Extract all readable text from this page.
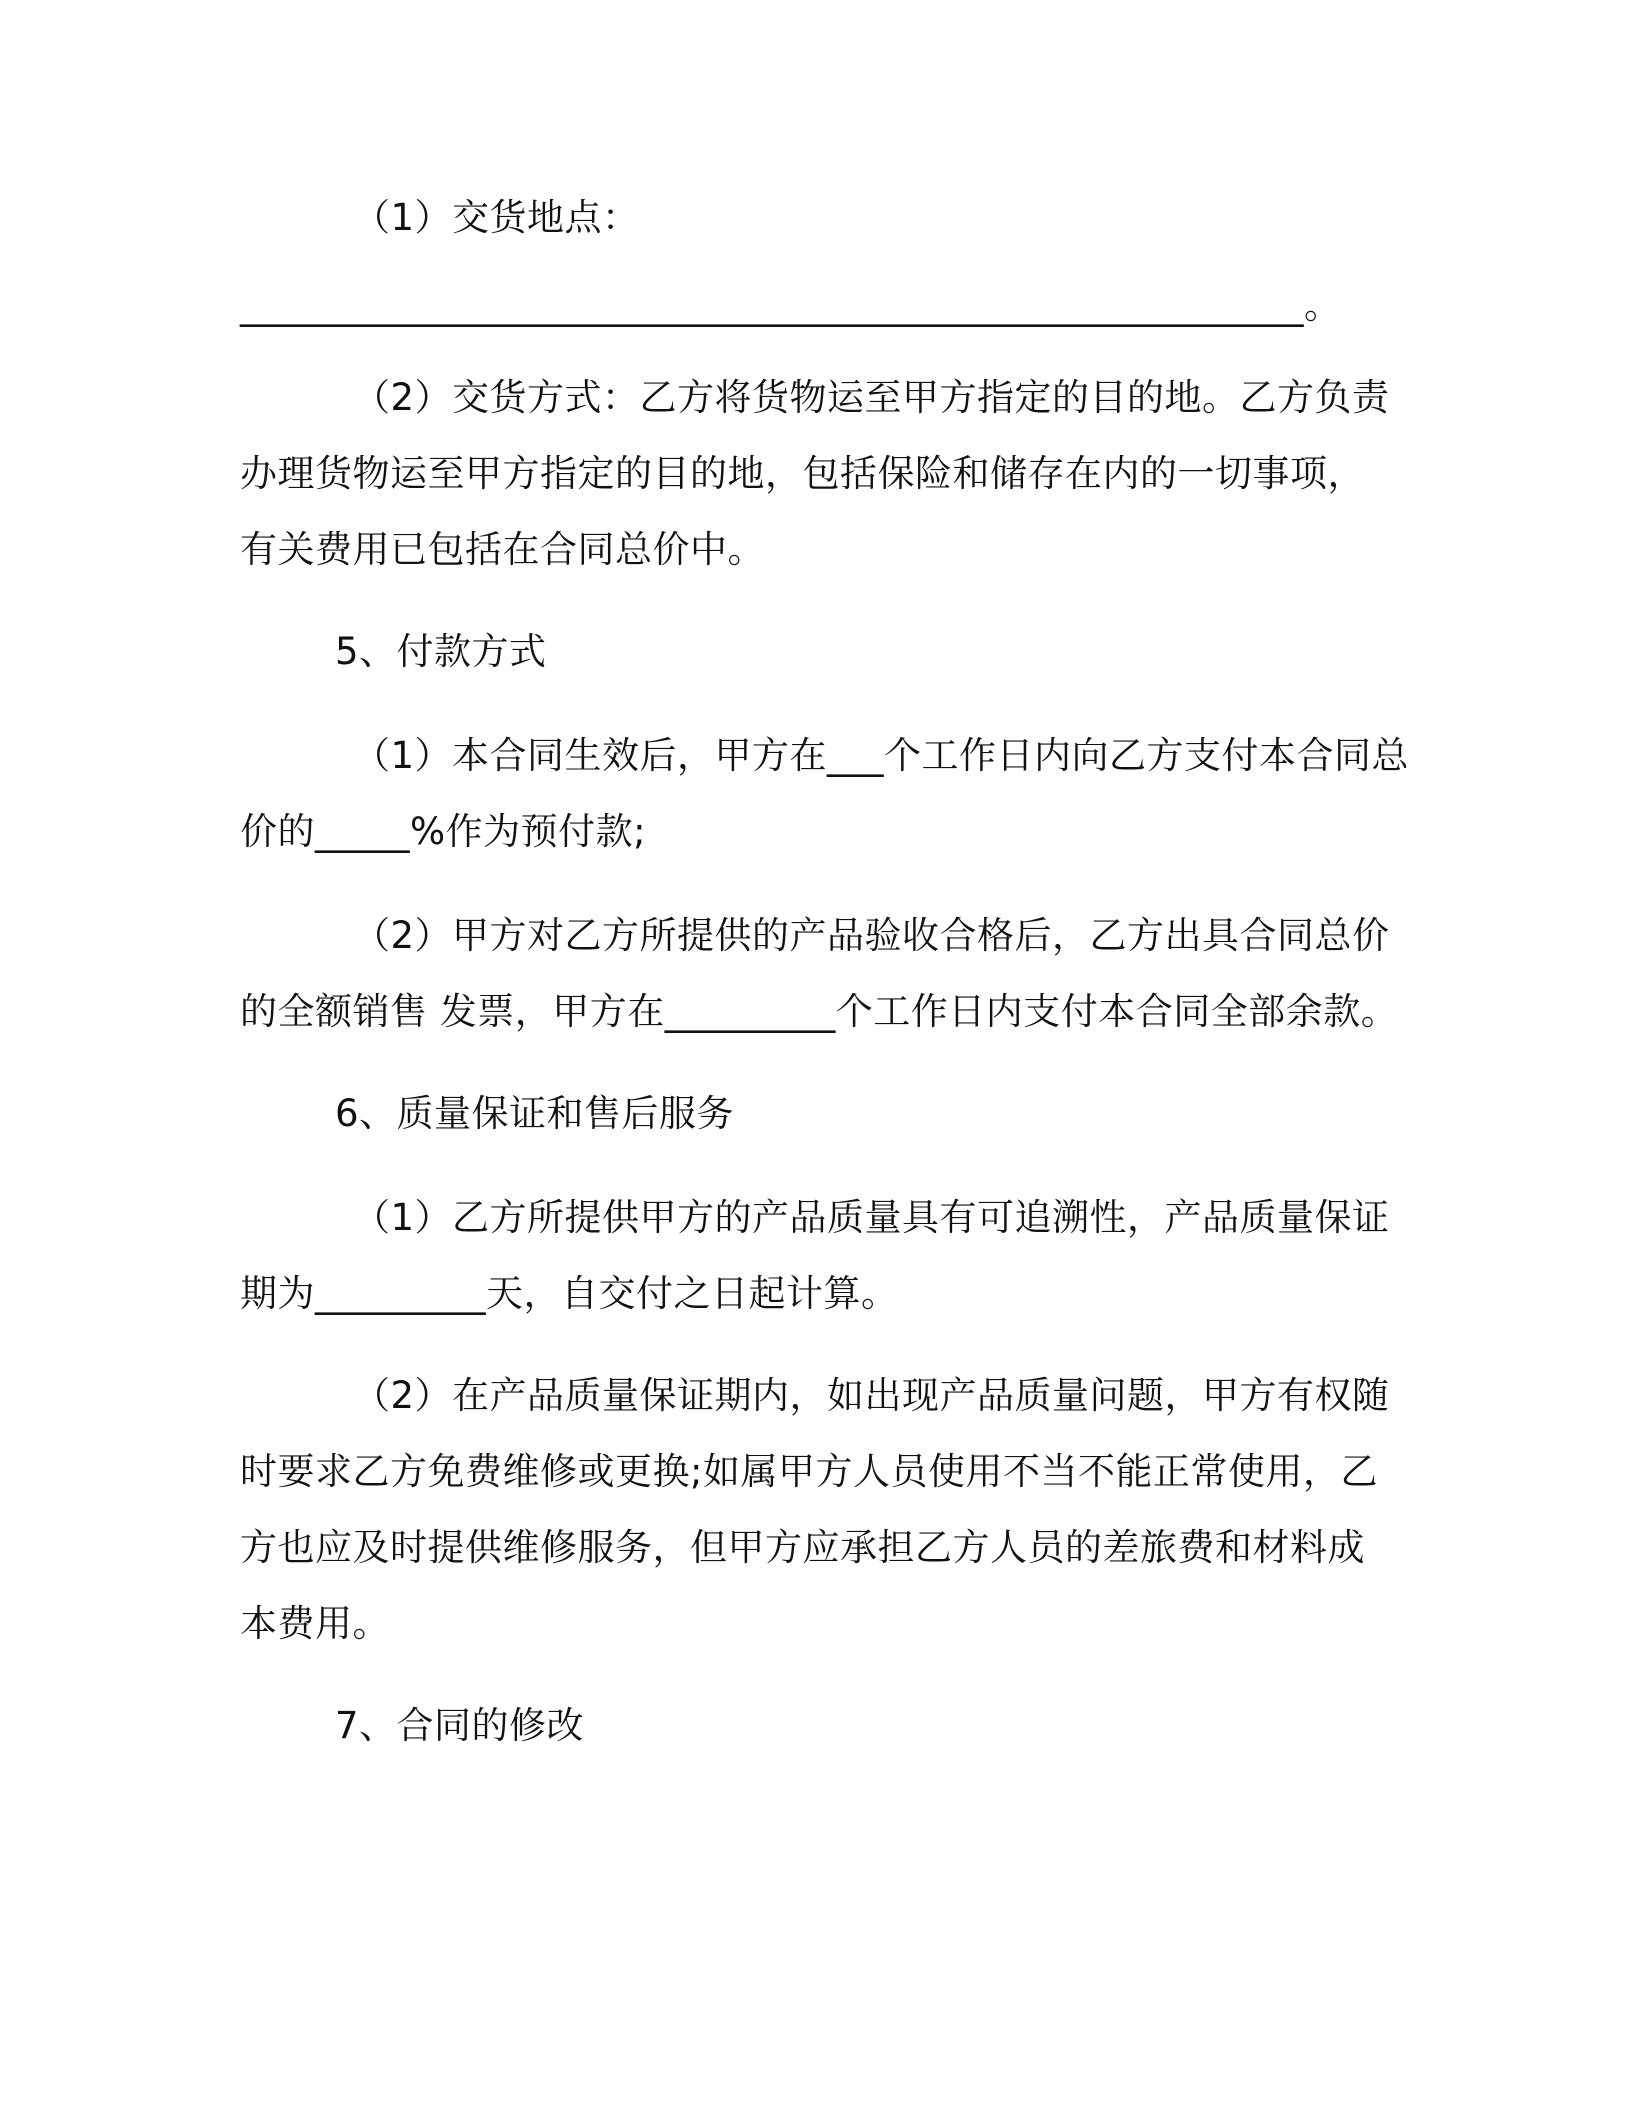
（1）交货地点：
________________________________________________________。
（2）交货方式：乙方将货物运至甲方指定的目的地。乙方负责
办理货物运至甲方指定的目的地，包括保险和储存在内的一切事项，
有关费用已包括在合同总价中。
5、付款方式
（1）本合同生效后，甲方在___个工作日内向乙方支付本合同总
价的_____%作为预付款;
（2）甲方对乙方所提供的产品验收合格后，乙方出具合同总价
的全额销售 发票，甲方在_________个工作日内支付本合同全部余款。
6、质量保证和售后服务
（1）乙方所提供甲方的产品质量具有可追溯性，产品质量保证
期为_________天，自交付之日起计算。
（2）在产品质量保证期内，如出现产品质量问题，甲方有权随
时要求乙方免费维修或更换;如属甲方人员使用不当不能正常使用，乙
方也应及时提供维修服务，但甲方应承担乙方人员的差旅费和材料成
本费用。
7、合同的修改
